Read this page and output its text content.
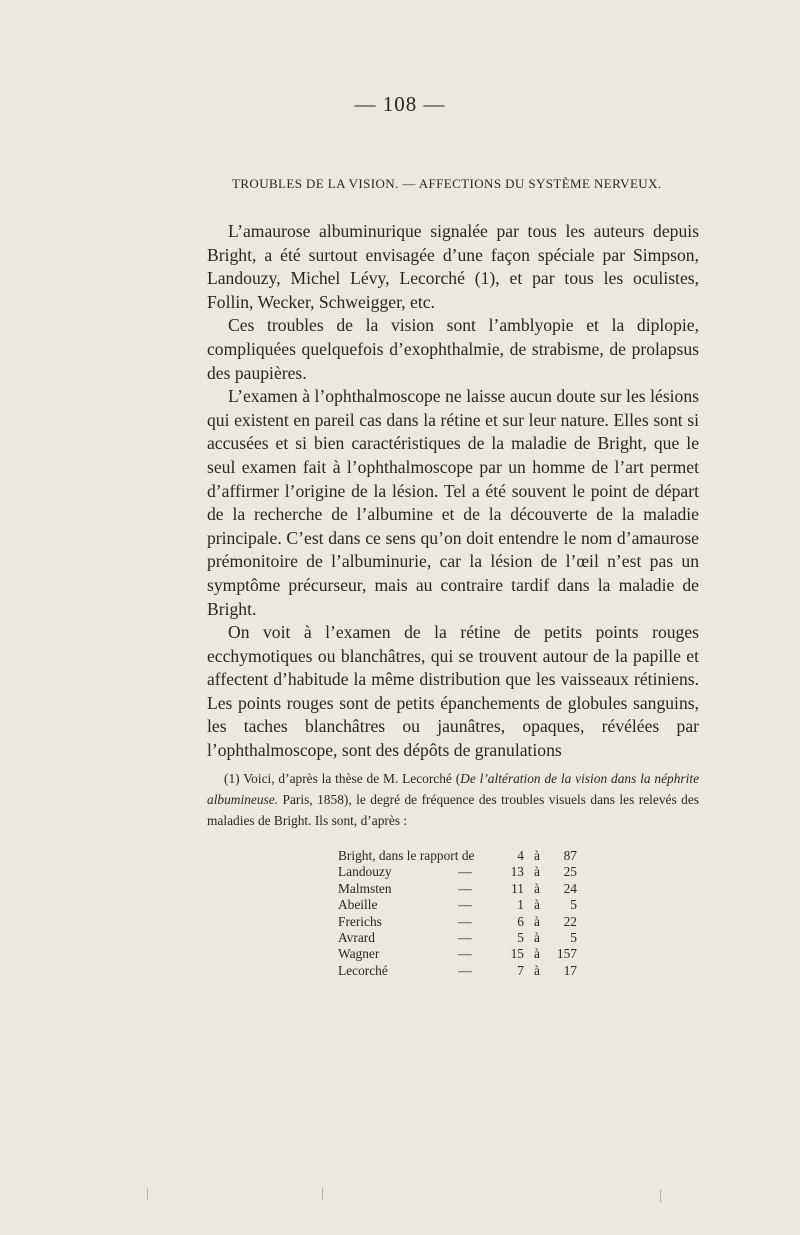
— 108 —
TROUBLES DE LA VISION. — AFFECTIONS DU SYSTÈME NERVEUX.

L’amaurose albuminurique signalée par tous les auteurs depuis Bright, a été surtout envisagée d’une façon spéciale par Simpson, Landouzy, Michel Lévy, Lecorché (1), et par tous les oculistes, Follin, Wecker, Schweigger, etc.

Ces troubles de la vision sont l’amblyopie et la diplopie, compliquées quelquefois d’exophthalmie, de strabisme, de prolapsus des paupières.

L’examen à l’ophthalmoscope ne laisse aucun doute sur les lésions qui existent en pareil cas dans la rétine et sur leur nature. Elles sont si accusées et si bien caractéristiques de la maladie de Bright, que le seul examen fait à l’ophthalmoscope par un homme de l’art permet d’affirmer l’origine de la lésion. Tel a été souvent le point de départ de la recherche de l’albumine et de la découverte de la maladie principale. C’est dans ce sens qu’on doit entendre le nom d’amaurose prémonitoire de l’albuminurie, car la lésion de l’œil n’est pas un symptôme précurseur, mais au contraire tardif dans la maladie de Bright.

On voit à l’examen de la rétine de petits points rouges ecchymotiques ou blanchâtres, qui se trouvent autour de la papille et affectent d’habitude la même distribution que les vaisseaux rétiniens. Les points rouges sont de petits épanchements de globules sanguins, les taches blanchâtres ou jaunâtres, opaques, révélées par l’ophthalmoscope, sont des dépôts de granulations

(1) Voici, d’après la thèse de M. Lecorché (De l’altération de la vision dans la néphrite albumineuse. Paris, 1858), le degré de fréquence des troubles visuels dans les relevés des maladies de Bright. Ils sont, d’après :

Bright, dans le rapport de		4	à	87
Landouzy	—	13	à	25
Malmsten	—	11	à	24
Abeille	—	1	à	5
Frerichs	—	6	à	22
Avrard	—	5	à	5
Wagner	—	15	à	157
Lecorché	—	7	à	17
